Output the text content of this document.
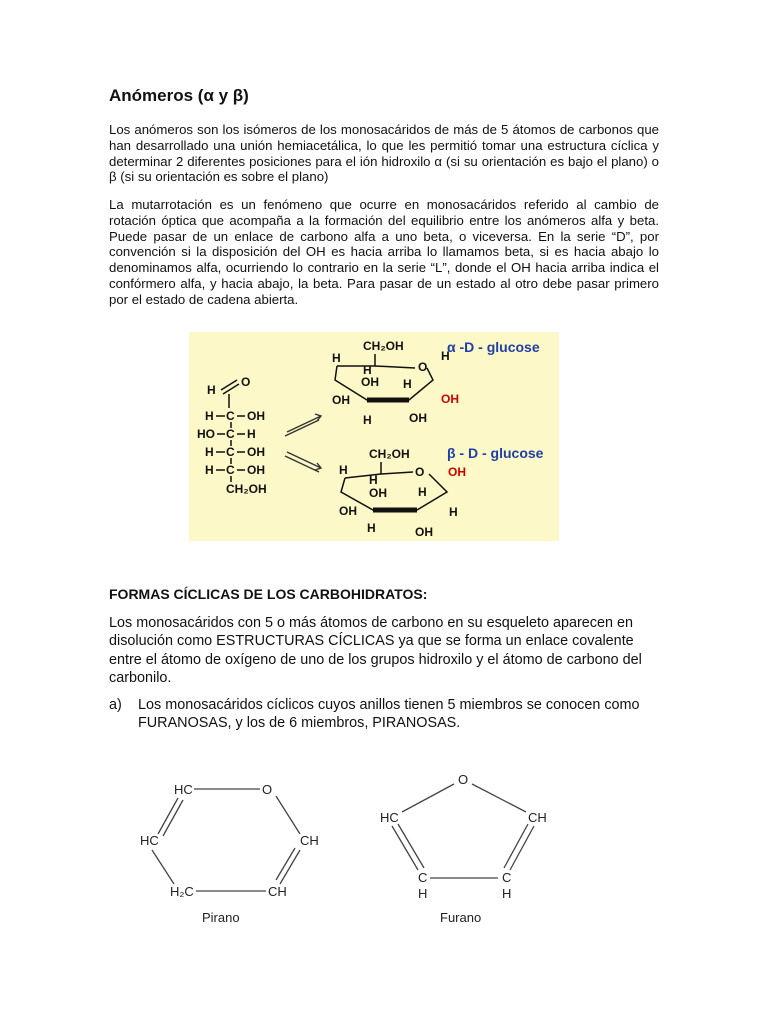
Anómeros (α y β)

Los anómeros son los isómeros de los monosacáridos de más de 5 átomos de carbonos que han desarrollado una unión hemiacetálica, lo que les permitió tomar una estructura cíclica y determinar 2 diferentes posiciones para el ión hidroxilo α (si su orientación es bajo el plano) o β (si su orientación es sobre el plano)

La mutarrotación es un fenómeno que ocurre en monosacáridos referido al cambio de rotación óptica que acompaña a la formación del equilibrio entre los anómeros alfa y beta. Puede pasar de un enlace de carbono alfa a uno beta, o viceversa. En la serie “D”, por convención si la disposición del OH es hacia arriba lo llamamos beta, si es hacia abajo lo denominamos alfa, ocurriendo lo contrario en la serie “L”, donde el OH hacia arriba indica el confórmero alfa, y hacia abajo, la beta. Para pasar de un estado al otro debe pasar primero por el estado de cadena abierta.

H
O
H C OH
HO C H
H C OH
H C OH
CH₂OH
α -D - glucose
CH₂OH
H
O
H
OH
OH
H
H
OH
H	OH
β - D - glucose
CH₂OH
H	O OH
H
OH
OH
H
H
H	OH
FORMAS CÍCLICAS DE LOS CARBOHIDRATOS:

Los monosacáridos con 5 o más átomos de carbono en su esqueleto aparecen en disolución como ESTRUCTURAS CÍCLICAS ya que se forma un enlace covalente entre el átomo de oxígeno de uno de los grupos hidroxilo y el átomo de carbono del carbonilo.

a) Los monosacáridos cíclicos cuyos anillos tienen 5 miembros se conocen como FURANOSAS, y los de 6 miembros, PIRANOSAS.
HC	O
HC	CH
H₂C	CH
Pirano
O
HC	CH
C
H
C
H
Furano
